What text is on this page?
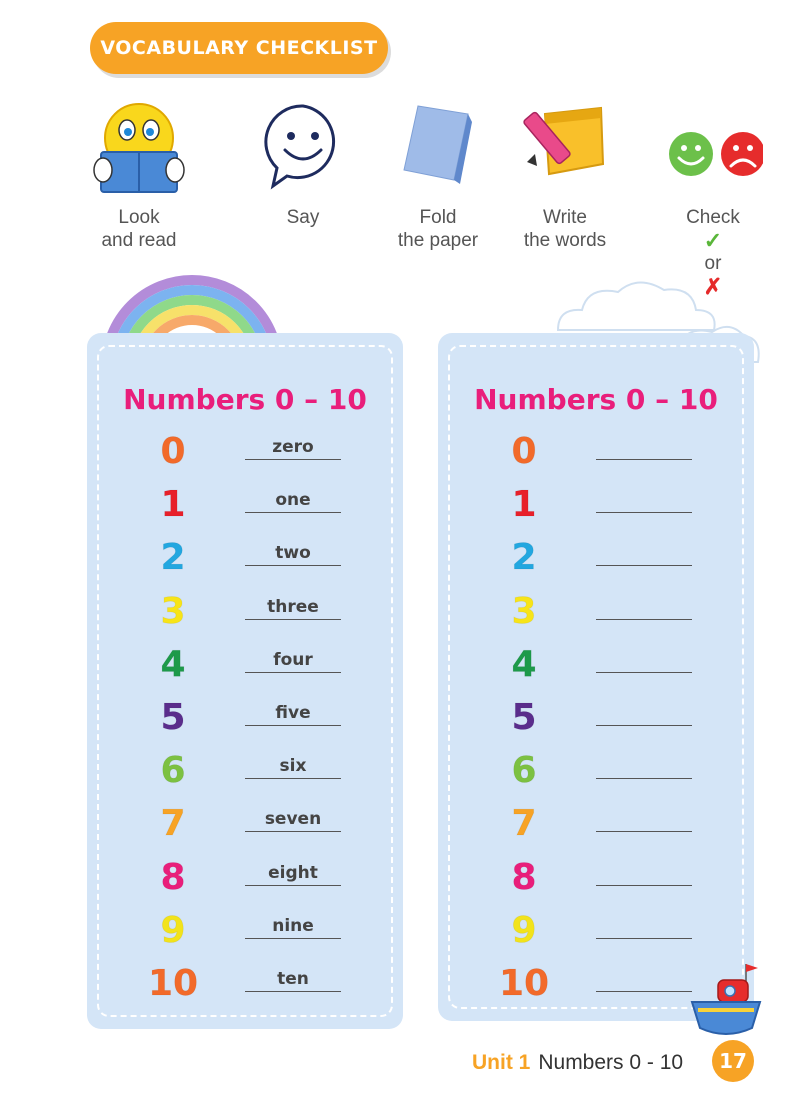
VOCABULARY CHECKLIST
Look
and read
Say	Fold
the paper
Write
the words
Check
✓
or
✗
Numbers 0 – 10
0	zero
1	one
2	two
3	three
4	four
5	five
6	six
7	seven
8	eight
9	nine
10	ten
Numbers 0 – 10
0
1
2
3
4
5
6
7
8
9
10
Unit 1 Numbers 0 - 10	17
